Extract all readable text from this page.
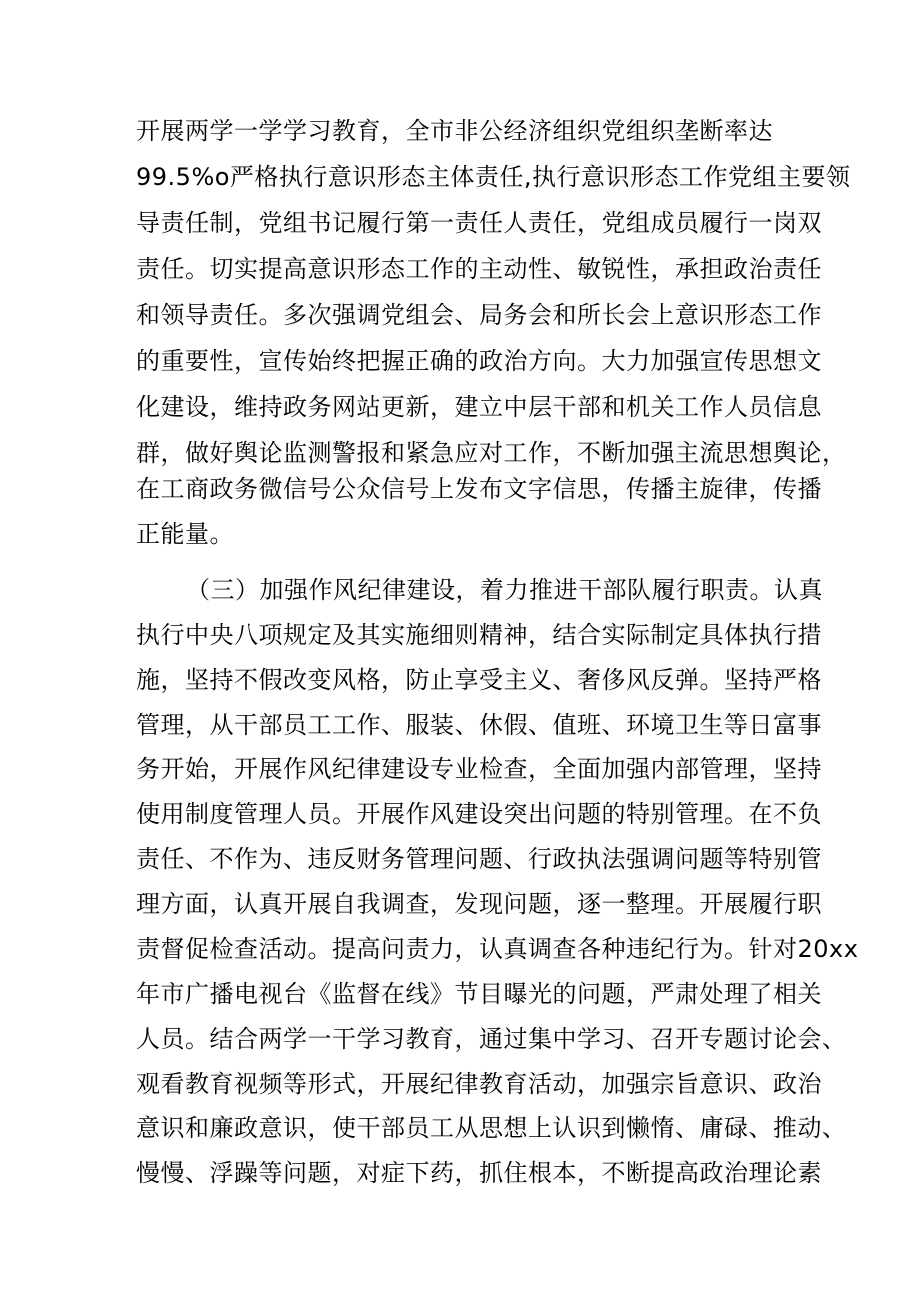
开展两学一学学习教育，全市非公经济组织党组织垄断率达
99.5%o严格执行意识形态主体责任,执行意识形态工作党组主要领
导责任制，党组书记履行第一责任人责任，党组成员履行一岗双
责任。切实提高意识形态工作的主动性、敏锐性，承担政治责任
和领导责任。多次强调党组会、局务会和所长会上意识形态工作
的重要性，宣传始终把握正确的政治方向。大力加强宣传思想文
化建设，维持政务网站更新，建立中层干部和机关工作人员信息
群，做好舆论监测警报和紧急应对工作，不断加强主流思想舆论，
在工商政务微信号公众信号上发布文字信思，传播主旋律，传播
正能量。
（三）加强作风纪律建设，着力推进干部队履行职责。认真
执行中央八项规定及其实施细则精神，结合实际制定具体执行措
施，坚持不假改变风格，防止享受主义、奢侈风反弹。坚持严格
管理，从干部员工工作、服装、休假、值班、环境卫生等日富事
务开始，开展作风纪律建设专业检查，全面加强内部管理，坚持
使用制度管理人员。开展作风建设突出问题的特别管理。在不负
责任、不作为、违反财务管理问题、行政执法强调问题等特别管
理方面，认真开展自我调查，发现问题，逐一整理。开展履行职
责督促检查活动。提高问责力，认真调查各种违纪行为。针对20xx
年市广播电视台《监督在线》节目曝光的问题，严肃处理了相关
人员。结合两学一干学习教育，通过集中学习、召开专题讨论会、
观看教育视频等形式，开展纪律教育活动，加强宗旨意识、政治
意识和廉政意识，使干部员工从思想上认识到懒惰、庸碌、推动、
慢慢、浮躁等问题，对症下药，抓住根本，不断提高政治理论素
